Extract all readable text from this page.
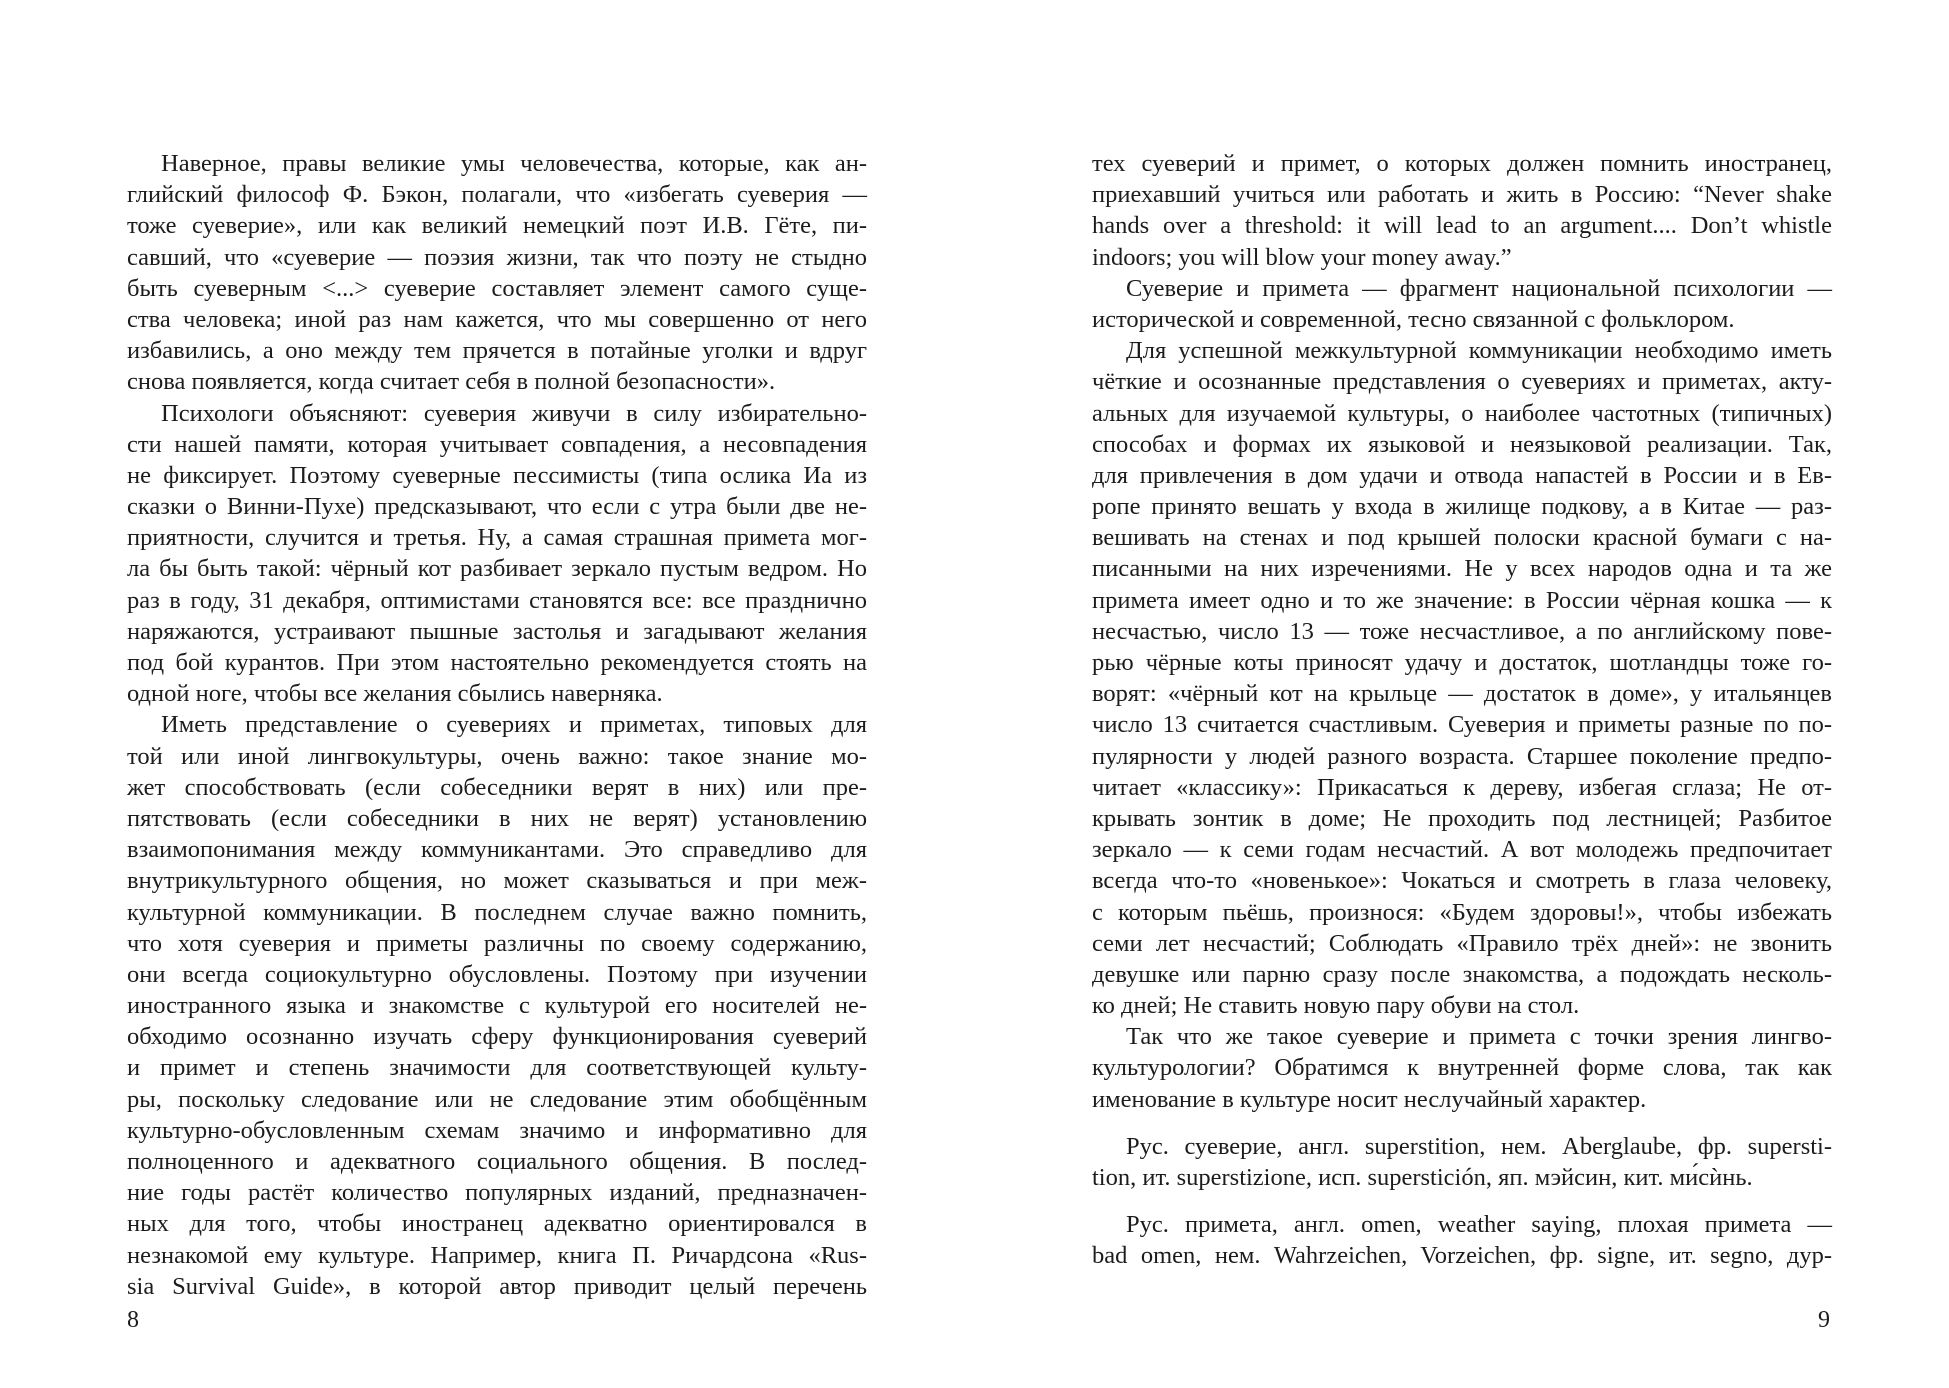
Наверное, правы великие умы человечества, которые, как ан-
глийский философ Ф. Бэкон, полагали, что «избегать суеверия —
тоже суеверие», или как великий немецкий поэт И.В. Гёте, пи-
савший, что «суеверие — поэзия жизни, так что поэту не стыдно
быть суеверным <...> суеверие составляет элемент самого суще-
ства человека; иной раз нам кажется, что мы совершенно от него
избавились, а оно между тем прячется в потайные уголки и вдруг
снова появляется, когда считает себя в полной безопасности».
Психологи объясняют: суеверия живучи в силу избирательно-
сти нашей памяти, которая учитывает совпадения, а несовпадения
не фиксирует. Поэтому суеверные пессимисты (типа ослика Иа из
сказки о Винни-Пухе) предсказывают, что если с утра были две не-
приятности, случится и третья. Ну, а самая страшная примета мог-
ла бы быть такой: чёрный кот разбивает зеркало пустым ведром. Но
раз в году, 31 декабря, оптимистами становятся все: все празднично
наряжаются, устраивают пышные застолья и загадывают желания
под бой курантов. При этом настоятельно рекомендуется стоять на
одной ноге, чтобы все желания сбылись наверняка.
Иметь представление о суевериях и приметах, типовых для
той или иной лингвокультуры, очень важно: такое знание мо-
жет способствовать (если собеседники верят в них) или пре-
пятствовать (если собеседники в них не верят) установлению
взаимопонимания между коммуникантами. Это справедливо для
внутрикультурного общения, но может сказываться и при меж-
культурной коммуникации. В последнем случае важно помнить,
что хотя суеверия и приметы различны по своему содержанию,
они всегда социокультурно обусловлены. Поэтому при изучении
иностранного языка и знакомстве с культурой его носителей не-
обходимо осознанно изучать сферу функционирования суеверий
и примет и степень значимости для соответствующей культу-
ры, поскольку следование или не следование этим обобщённым
культурно-обусловленным схемам значимо и информативно для
полноценного и адекватного социального общения. В послед-
ние годы растёт количество популярных изданий, предназначен-
ных для того, чтобы иностранец адекватно ориентировался в
незнакомой ему культуре. Например, книга П. Ричардсона «Rus-
sia Survival Guide», в которой автор приводит целый перечень
тех суеверий и примет, о которых должен помнить иностранец,
приехавший учиться или работать и жить в Россию: “Never shake
hands over a threshold: it will lead to an argument.... Don’t whistle
indoors; you will blow your money away.”
Суеверие и примета — фрагмент национальной психологии —
исторической и современной, тесно связанной с фольклором.
Для успешной межкультурной коммуникации необходимо иметь
чёткие и осознанные представления о суевериях и приметах, акту-
альных для изучаемой культуры, о наиболее частотных (типичных)
способах и формах их языковой и неязыковой реализации. Так,
для привлечения в дом удачи и отвода напастей в России и в Ев-
ропе принято вешать у входа в жилище подкову, а в Китае — раз-
вешивать на стенах и под крышей полоски красной бумаги с на-
писанными на них изречениями. Не у всех народов одна и та же
примета имеет одно и то же значение: в России чёрная кошка — к
несчастью, число 13 — тоже несчастливое, а по английскому пове-
рью чёрные коты приносят удачу и достаток, шотландцы тоже го-
ворят: «чёрный кот на крыльце — достаток в доме», у итальянцев
число 13 считается счастливым. Суеверия и приметы разные по по-
пулярности у людей разного возраста. Старшее поколение предпо-
читает «классику»: Прикасаться к дереву, избегая сглаза; Не от-
крывать зонтик в доме; Не проходить под лестницей; Разбитое
зеркало — к семи годам несчастий. А вот молодежь предпочитает
всегда что-то «новенькое»: Чокаться и смотреть в глаза человеку,
с которым пьёшь, произнося: «Будем здоровы!», чтобы избежать
семи лет несчастий; Соблюдать «Правило трёх дней»: не звонить
девушке или парню сразу после знакомства, а подождать несколь-
ко дней; Не ставить новую пару обуви на стол.
Так что же такое суеверие и примета с точки зрения лингво-
культурологии? Обратимся к внутренней форме слова, так как
именование в культуре носит неслучайный характер.
Рус. суеверие, англ. superstition, нем. Aberglaube, фр. supersti-
tion, ит. superstizione, исп. superstición, яп. мэйсин, кит. ми́сѝнь.
Рус. примета, англ. omen, weather saying, плохая примета —
bad omen, нем. Wahrzeichen, Vorzeichen, фр. signe, ит. segno, дур-
8	9
